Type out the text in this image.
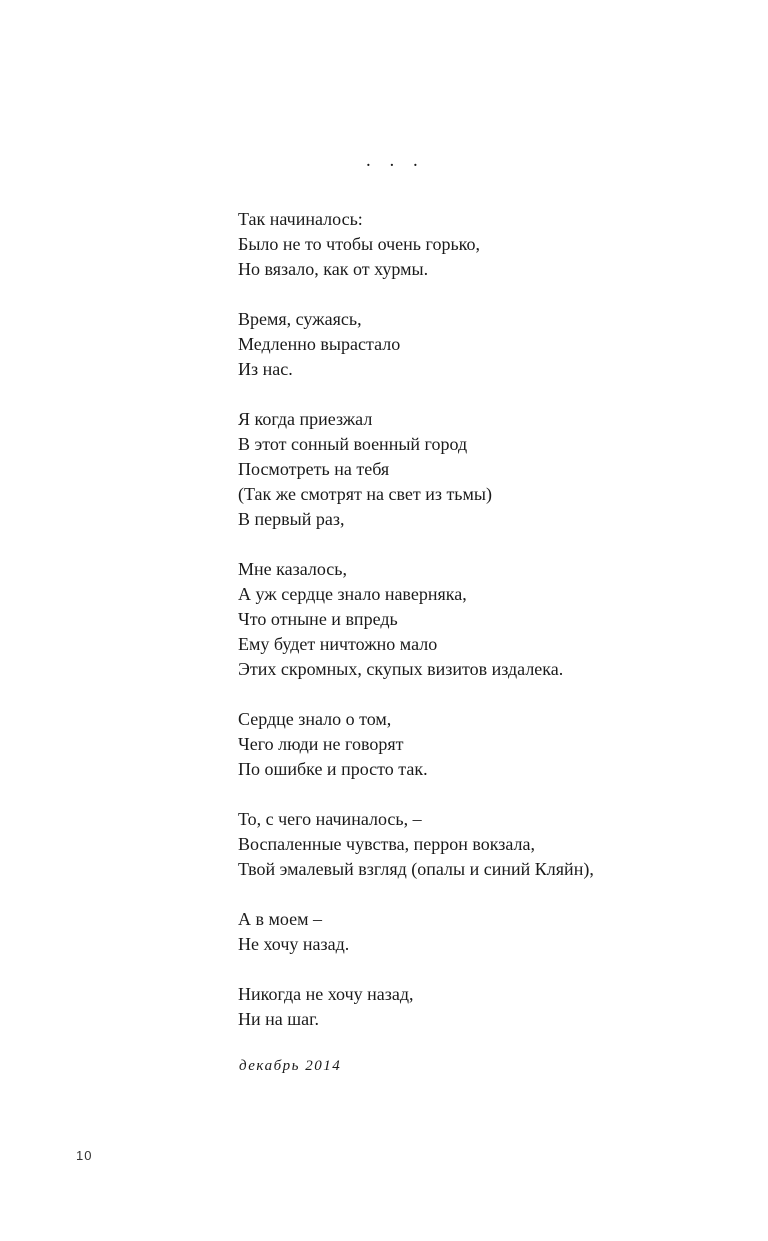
. . .
Так начиналось:
Было не то чтобы очень горько,
Но вязало, как от хурмы.
Время, сужаясь,
Медленно вырастало
Из нас.
Я когда приезжал
В этот сонный военный город
Посмотреть на тебя
(Так же смотрят на свет из тьмы)
В первый раз,
Мне казалось,
А уж сердце знало наверняка,
Что отныне и впредь
Ему будет ничтожно мало
Этих скромных, скупых визитов издалека.
Сердце знало о том,
Чего люди не говорят
По ошибке и просто так.
То, с чего начиналось, –
Воспаленные чувства, перрон вокзала,
Твой эмалевый взгляд (опалы и синий Кляйн),
А в моем –
Не хочу назад.
Никогда не хочу назад,
Ни на шаг.
декабрь 2014
10
